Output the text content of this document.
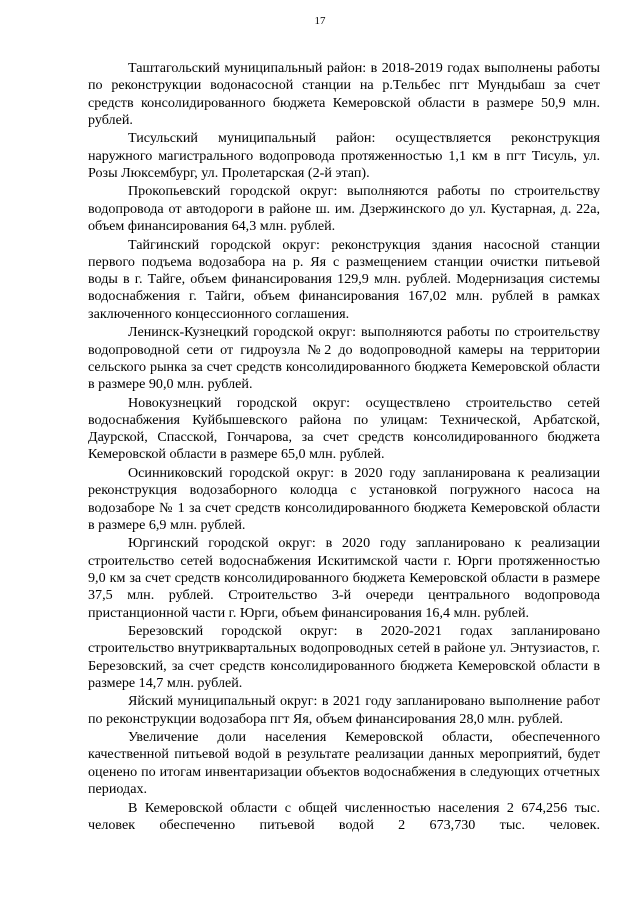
17

Таштагольский муниципальный район: в 2018-2019 годах выполнены работы по реконструкции водонасосной станции на р.Тельбес пгт Мундыбаш за счет средств консолидированного бюджета Кемеровской области в размере 50,9 млн. рублей.

Тисульский муниципальный район: осуществляется реконструкция наружного магистрального водопровода протяженностью 1,1 км в пгт Тисуль, ул. Розы Люксембург, ул. Пролетарская (2-й этап).

Прокопьевский городской округ: выполняются работы по строительству водопровода от автодороги в районе ш. им. Дзержинского до ул. Кустарная, д. 22а, объем финансирования 64,3 млн. рублей.

Тайгинский городской округ: реконструкция здания насосной станции первого подъема водозабора на р. Яя с размещением станции очистки питьевой воды в г. Тайге, объем финансирования 129,9 млн. рублей. Модернизация системы водоснабжения г. Тайги, объем финансирования 167,02 млн. рублей в рамках заключенного концессионного соглашения.

Ленинск-Кузнецкий городской округ: выполняются работы по строительству водопроводной сети от гидроузла №2 до водопроводной камеры на территории сельского рынка за счет средств консолидированного бюджета Кемеровской области в размере 90,0 млн. рублей.

Новокузнецкий городской округ: осуществлено строительство сетей водоснабжения Куйбышевского района по улицам: Технической, Арбатской, Даурской, Спасской, Гончарова, за счет средств консолидированного бюджета Кемеровской области в размере 65,0 млн. рублей.

Осинниковский городской округ: в 2020 году запланирована к реализации реконструкция водозаборного колодца с установкой погружного насоса на водозаборе № 1 за счет средств консолидированного бюджета Кемеровской области в размере 6,9 млн. рублей.

Юргинский городской округ: в 2020 году запланировано к реализации строительство сетей водоснабжения Искитимской части г. Юрги протяженностью 9,0 км за счет средств консолидированного бюджета Кемеровской области в размере 37,5 млн. рублей. Строительство 3-й очереди центрального водопровода пристанционной части г. Юрги, объем финансирования 16,4 млн. рублей.

Березовский городской округ: в 2020-2021 годах запланировано строительство внутриквартальных водопроводных сетей в районе ул. Энтузиастов, г. Березовский, за счет средств консолидированного бюджета Кемеровской области в размере 14,7 млн. рублей.

Яйский муниципальный округ: в 2021 году запланировано выполнение работ по реконструкции водозабора пгт Яя, объем финансирования 28,0 млн. рублей.

Увеличение доли населения Кемеровской области, обеспеченного качественной питьевой водой в результате реализации данных мероприятий, будет оценено по итогам инвентаризации объектов водоснабжения в следующих отчетных периодах.

В Кемеровской области с общей численностью населения 2 674,256 тыс. человек обеспеченно питьевой водой 2 673,730 тыс. человек.
